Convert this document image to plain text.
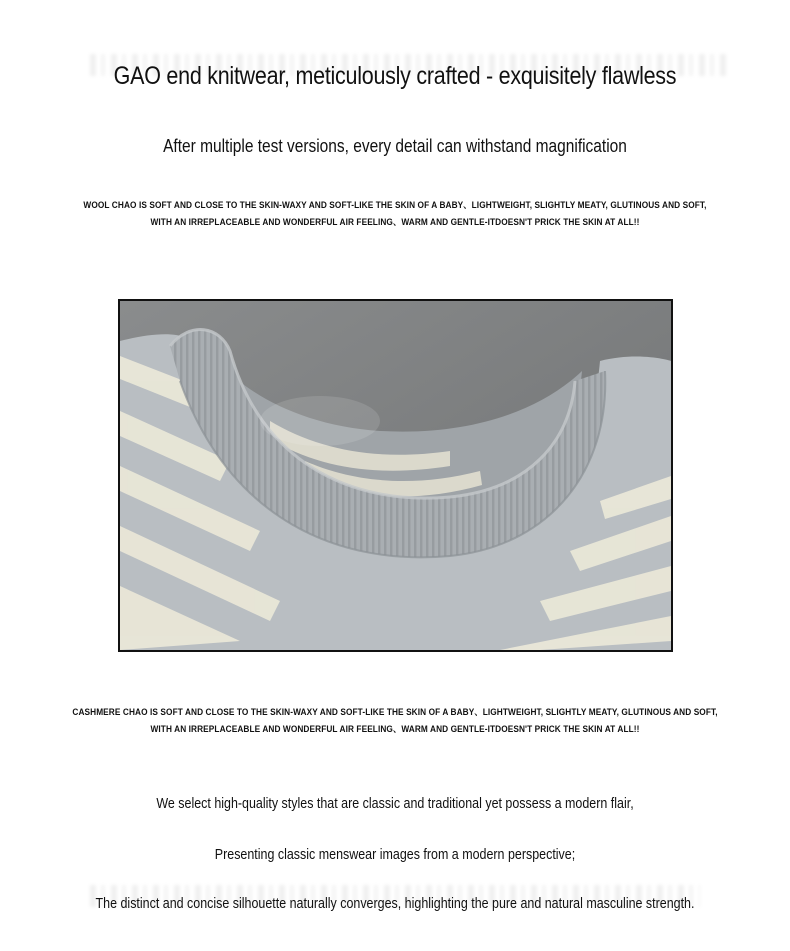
GAO end knitwear, meticulously crafted - exquisitely flawless
After multiple test versions, every detail can withstand magnification
WOOL CHAO IS SOFT AND CLOSE TO THE SKIN-WAXY AND SOFT-LIKE THE SKIN OF A BABY、LIGHTWEIGHT, SLIGHTLY MEATY, GLUTINOUS AND SOFT,
WITH AN IRREPLACEABLE AND WONDERFUL AIR FEELING、WARM AND GENTLE-ITDOESN'T PRICK THE SKIN AT ALL!!
CASHMERE CHAO IS SOFT AND CLOSE TO THE SKIN-WAXY AND SOFT-LIKE THE SKIN OF A BABY、LIGHTWEIGHT, SLIGHTLY MEATY, GLUTINOUS AND SOFT,
WITH AN IRREPLACEABLE AND WONDERFUL AIR FEELING、WARM AND GENTLE-ITDOESN'T PRICK THE SKIN AT ALL!!

We select high-quality styles that are classic and traditional yet possess a modern flair,

Presenting classic menswear images from a modern perspective;

The distinct and concise silhouette naturally converges, highlighting the pure and natural masculine strength.
